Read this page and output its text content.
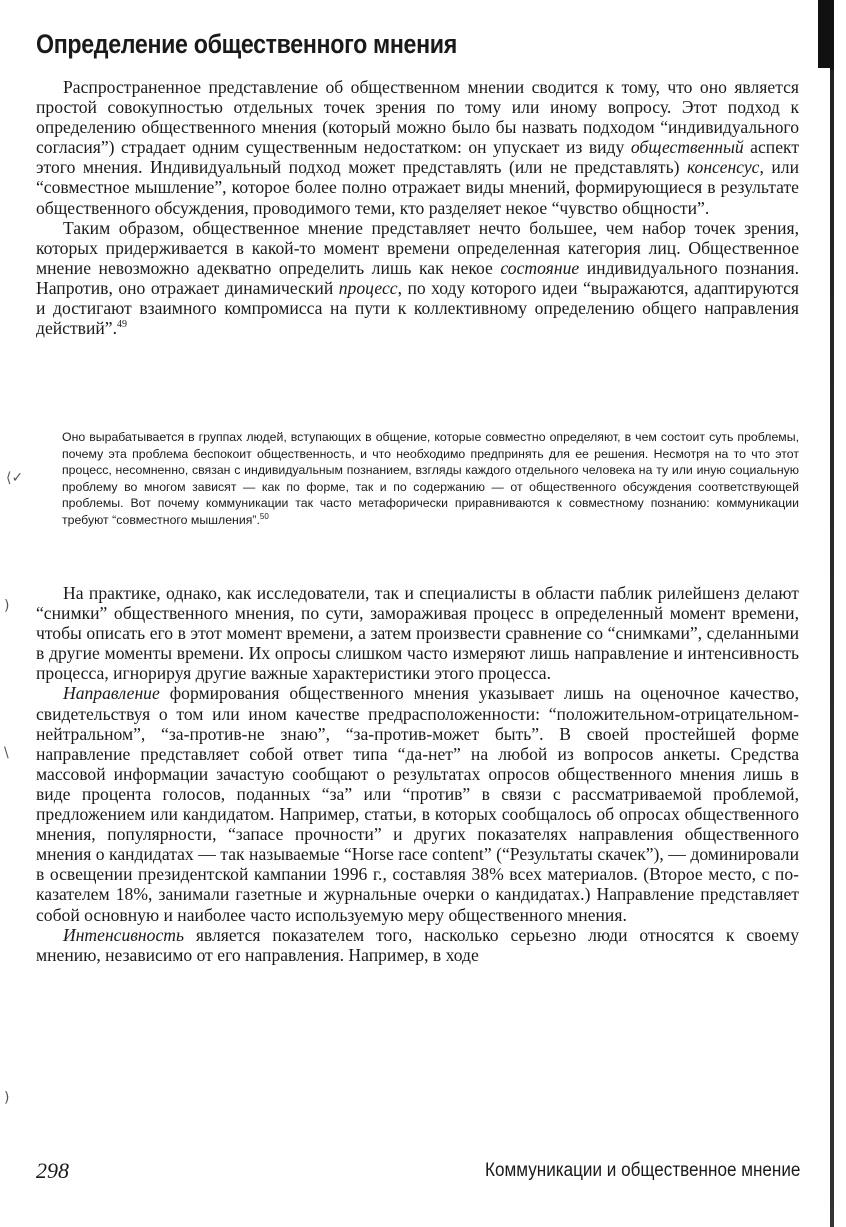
Определение общественного мнения

Распространенное представление об общественном мнении сводится к тому, что оно является простой совокупностью отдельных точек зрения по тому или иному вопросу. Этот подход к определению общественного мнения (который можно было бы назвать подходом “индивидуального согласия”) страдает одним существенным недостатком: он упускает из виду общественный аспект этого мнения. Индивидуальный подход может представлять (или не представлять) консенсус, или “совместное мышление”, которое более полно отражает виды мнений, формирующиеся в результате общественного обсуждения, проводимого теми, кто разделяет некое “чувство общности”.

Таким образом, общественное мнение представляет нечто большее, чем набор точек зрения, которых придерживается в какой-то момент времени определенная категория лиц. Общественное мнение невозможно адекватно определить лишь как некое состояние индивидуального познания. Напротив, оно отражает динамический процесс, по ходу которого идеи “выражаются, адаптируются и достигают взаимного компромисса на пути к коллективному определению общего направления действий”.$^{49}$

Оно вырабатывается в группах людей, вступающих в общение, которые совместно определяют, в чем состоит суть проблемы, почему эта проблема беспокоит общественность, и что необходимо предпринять для ее решения. Несмотря на то что этот процесс, несомненно, связан с индивидуальным познанием, взгляды каждого отдельного человека на ту или иную социальную проблему во многом зависят — как по форме, так и по содержанию — от общественного обсуждения соответствующей проблемы. Вот почему коммуникации так часто метафорически приравниваются к совместному познанию: коммуникации требуют “совместного мышления”.$^{50}$

На практике, однако, как исследователи, так и специалисты в области паблик рилейшенз делают “снимки” общественного мнения, по сути, замораживая процесс в определенный момент времени, чтобы описать его в этот момент времени, а затем произвести сравнение со “снимками”, сделанными в другие моменты времени. Их опросы слишком часто измеряют лишь направление и интенсивность процесса, игнорируя другие важные характеристики этого процесса.

Направление формирования общественного мнения указывает лишь на оценочное качество, свидетельствуя о том или ином качестве предрасположенности: “положительном-отрицательном-нейтральном”, “за-против-не знаю”, “за-против-может быть”. В своей простейшей форме направление представляет собой ответ типа “да-нет” на любой из вопросов анкеты. Средства массовой информации зачастую сообщают о результатах опросов общественного мнения лишь в виде процента голосов, поданных “за” или “против” в связи с рассматриваемой проблемой, предложением или кандидатом. Например, статьи, в которых сообщалось об опросах общественного мнения, популярности, “запасе прочности” и других показателях направления общественного мнения о кандидатах — так называемые “Horse race content” (“Результаты скачек”), — доминировали в освещении президентской кампании 1996 г., составляя 38% всех материалов. (Второе место, с показателем 18%, занимали газетные и журнальные очерки о кандидатах.) Направление представляет собой основную и наиболее часто используемую меру общественного мнения.

Интенсивность является показателем того, насколько серьезно люди относятся к своему мнению, независимо от его направления. Например, в ходе

⟨✓
)
\
)
298	Коммуникации и общественное мнение
